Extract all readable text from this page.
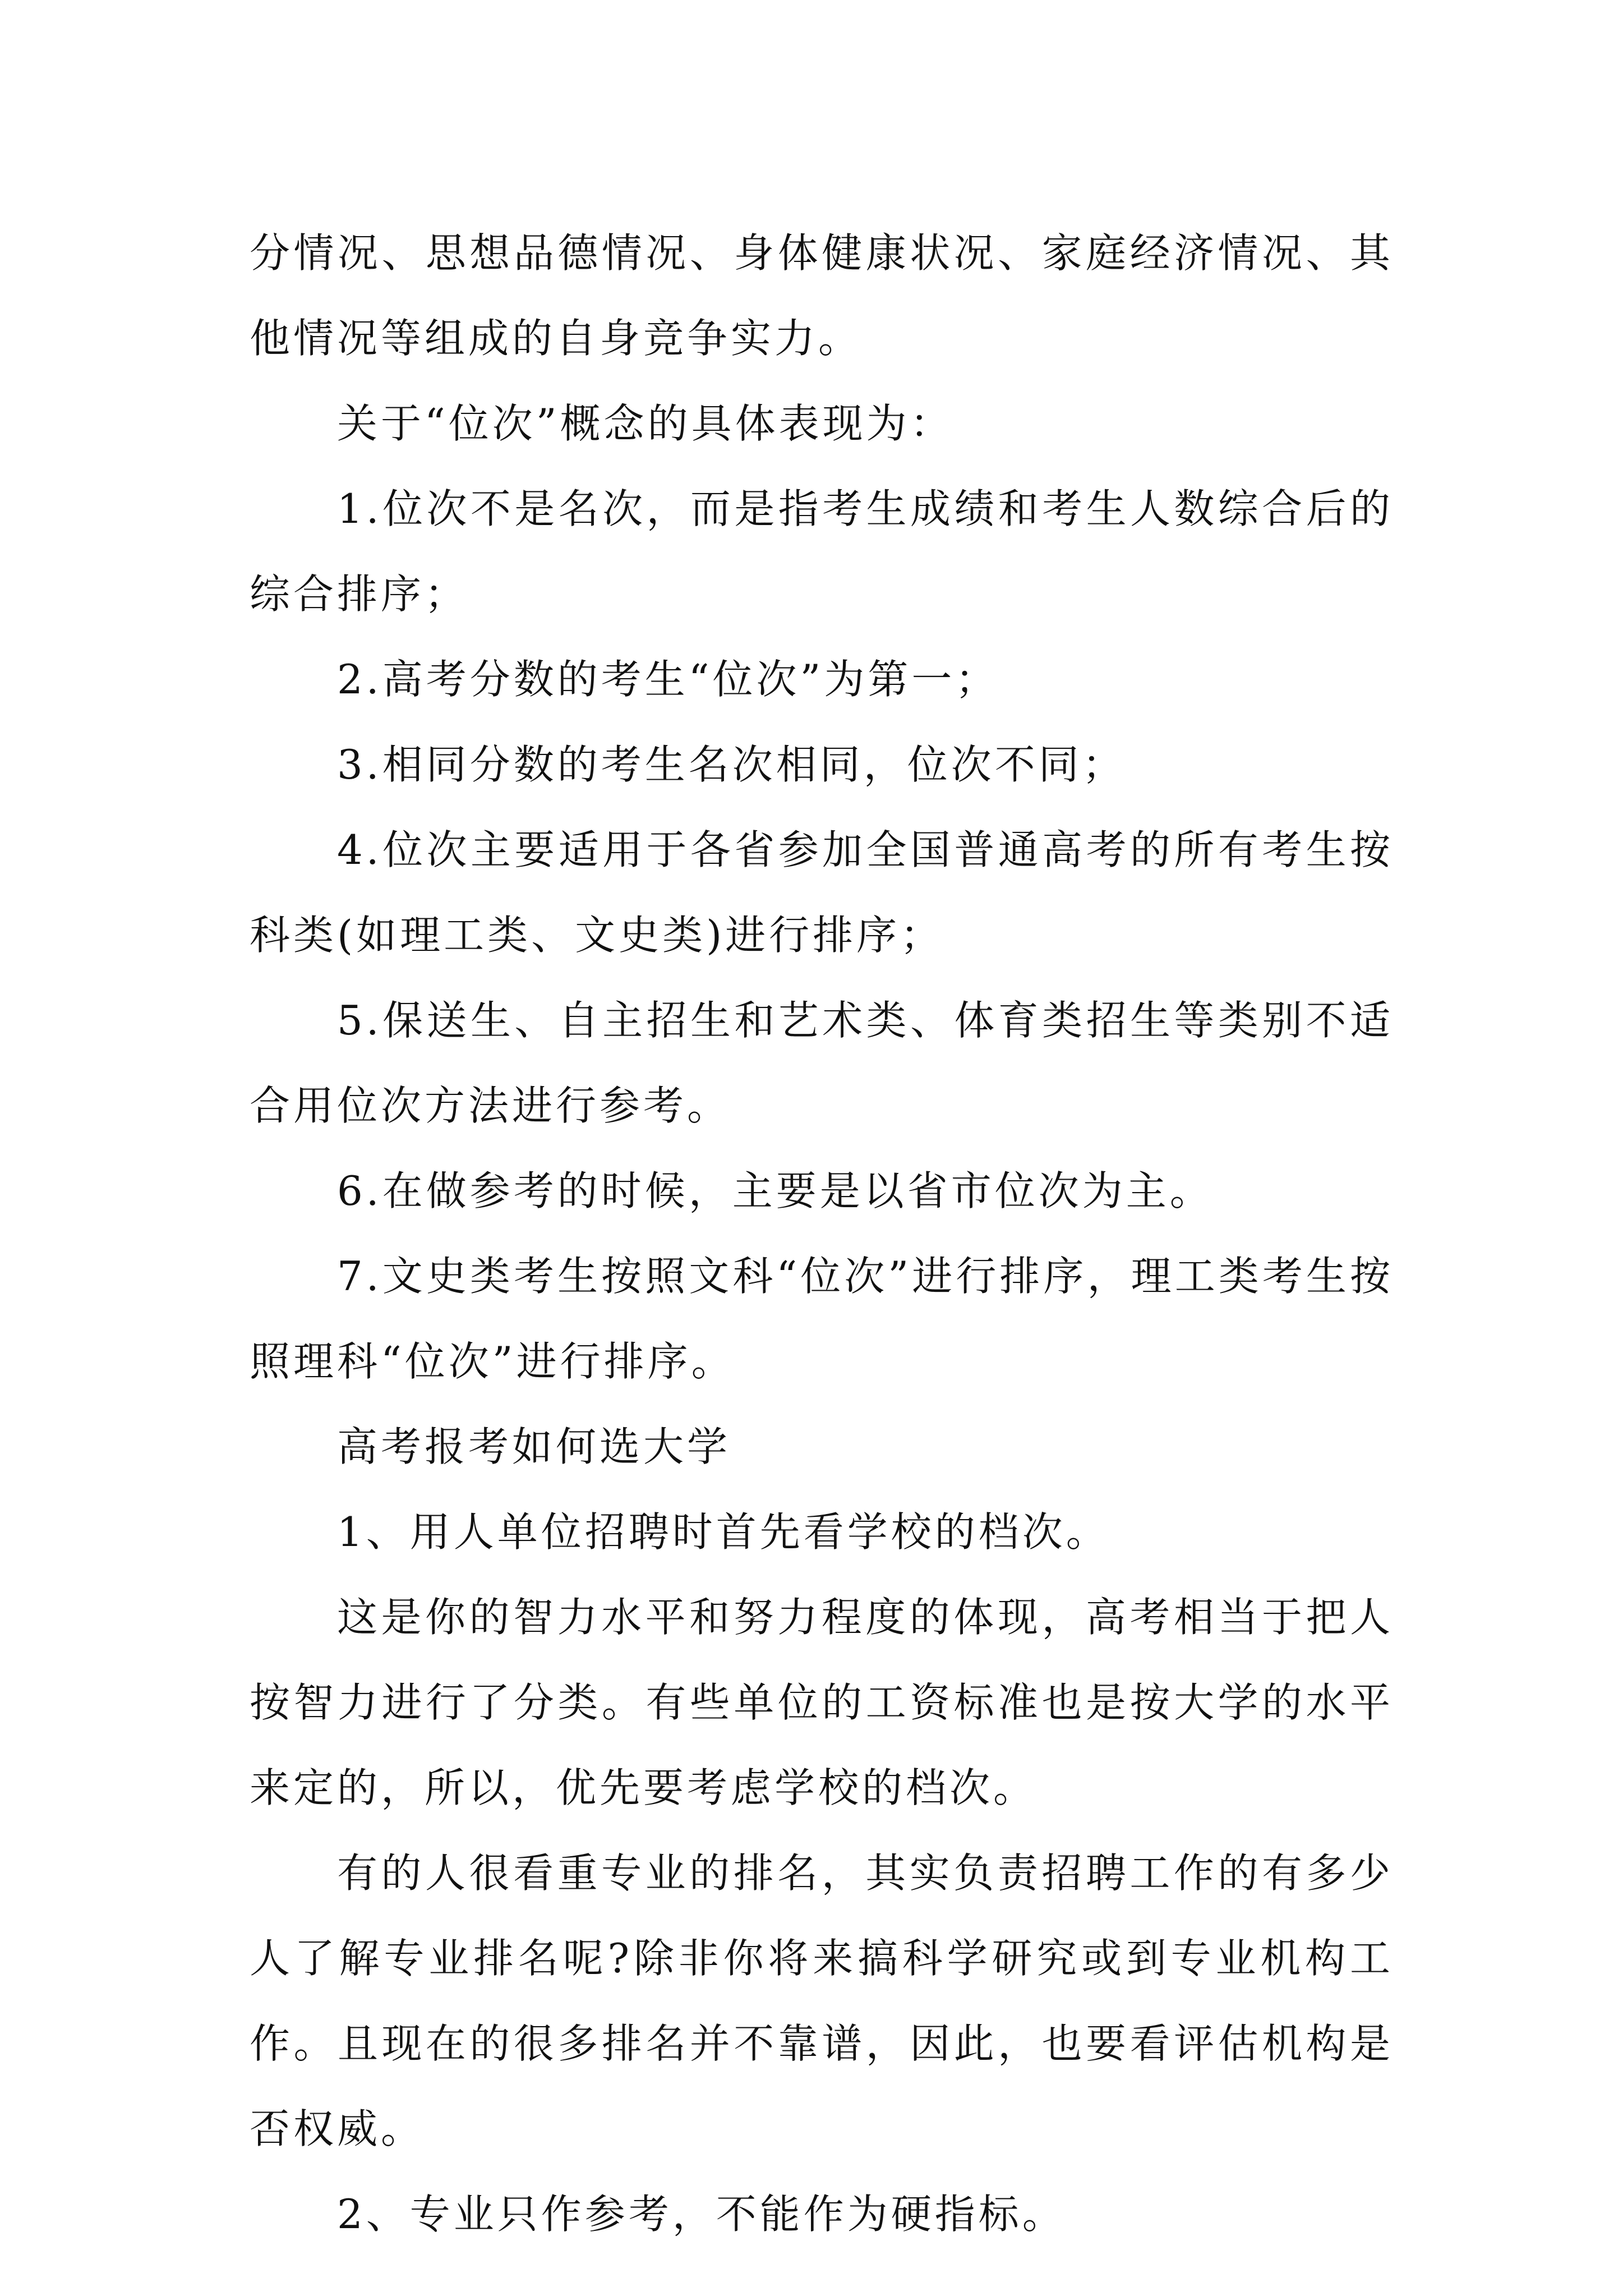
分情况、思想品德情况、身体健康状况、家庭经济情况、其他情况等组成的自身竞争实力。

关于“位次”概念的具体表现为：

1.位次不是名次，而是指考生成绩和考生人数综合后的综合排序；

2.高考分数的考生“位次”为第一；

3.相同分数的考生名次相同，位次不同；

4.位次主要适用于各省参加全国普通高考的所有考生按科类(如理工类、文史类)进行排序；

5.保送生、自主招生和艺术类、体育类招生等类别不适合用位次方法进行参考。

6.在做参考的时候，主要是以省市位次为主。

7.文史类考生按照文科“位次”进行排序，理工类考生按照理科“位次”进行排序。

高考报考如何选大学

1、用人单位招聘时首先看学校的档次。

这是你的智力水平和努力程度的体现，高考相当于把人按智力进行了分类。有些单位的工资标准也是按大学的水平来定的，所以，优先要考虑学校的档次。

有的人很看重专业的排名，其实负责招聘工作的有多少人了解专业排名呢?除非你将来搞科学研究或到专业机构工作。且现在的很多排名并不靠谱，因此，也要看评估机构是否权威。

2、专业只作参考，不能作为硬指标。
